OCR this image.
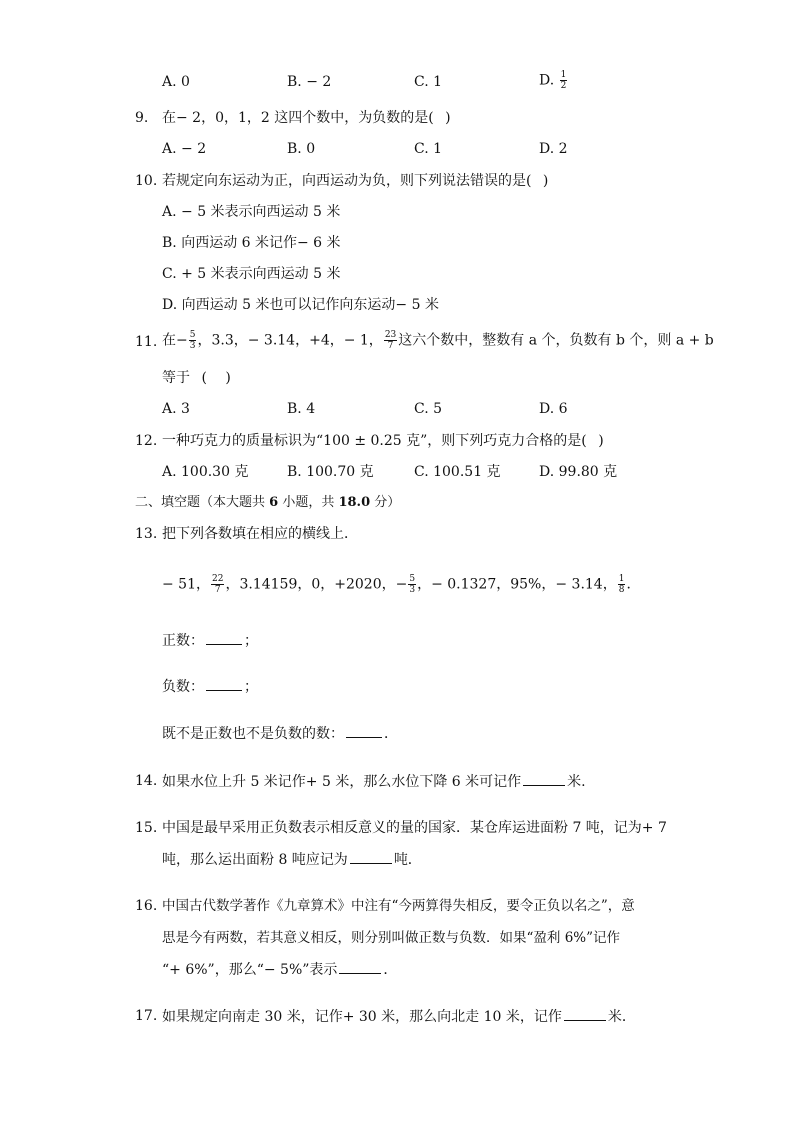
A. 0	B. − 2	C. 1	D. $\frac{1}{2}$
9. 在− 2，0，1，2 这四个数中，为负数的是(  )
A. − 2	B. 0	C. 1	D. 2
10. 若规定向东运动为正，向西运动为负，则下列说法错误的是(  )
A. − 5 米表示向西运动 5 米
B. 向西运动 6 米记作− 6 米
C. + 5 米表示向西运动 5 米
D. 向西运动 5 米也可以记作向东运动− 5 米
11. 在− $\frac{5}{3}$ ，3.3，− 3.14，+4，− 1， $\frac{23}{7}$ 这六个数中，整数有 a 个，负数有 b 个，则 a + b
等于  (   )
A. 3	B. 4	C. 5	D. 6
12. 一种巧克力的质量标识为“100 ± 0.25 克”，则下列巧克力合格的是(  )
A. 100.30 克	B. 100.70 克	C. 100.51 克	D. 99.80 克
二、填空题（本大题共 6 小题，共 18.0 分）
13. 把下列各数填在相应的横线上．
− 51， $\frac{22}{7}$ ，3.14159，0，+2020，− $\frac{5}{3}$ ，− 0.1327，95%，− 3.14， $\frac{1}{8}$ ．
正数：	；
负数：	；
既不是正数也不是负数的数：	．
14. 如果水位上升 5 米记作+ 5 米，那么水位下降 6 米可记作	米.
15. 中国是最早采用正负数表示相反意义的量的国家．某仓库运进面粉 7 吨，记为+ 7
吨，那么运出面粉 8 吨应记为	吨．
16. 中国古代数学著作《九章算术》中注有“今两算得失相反，要令正负以名之”，意
思是今有两数，若其意义相反，则分别叫做正数与负数．如果“盈利 6%”记作
“+ 6%”，那么“− 5%”表示	．
17. 如果规定向南走 30 米，记作+ 30 米，那么向北走 10 米，记作	米．
